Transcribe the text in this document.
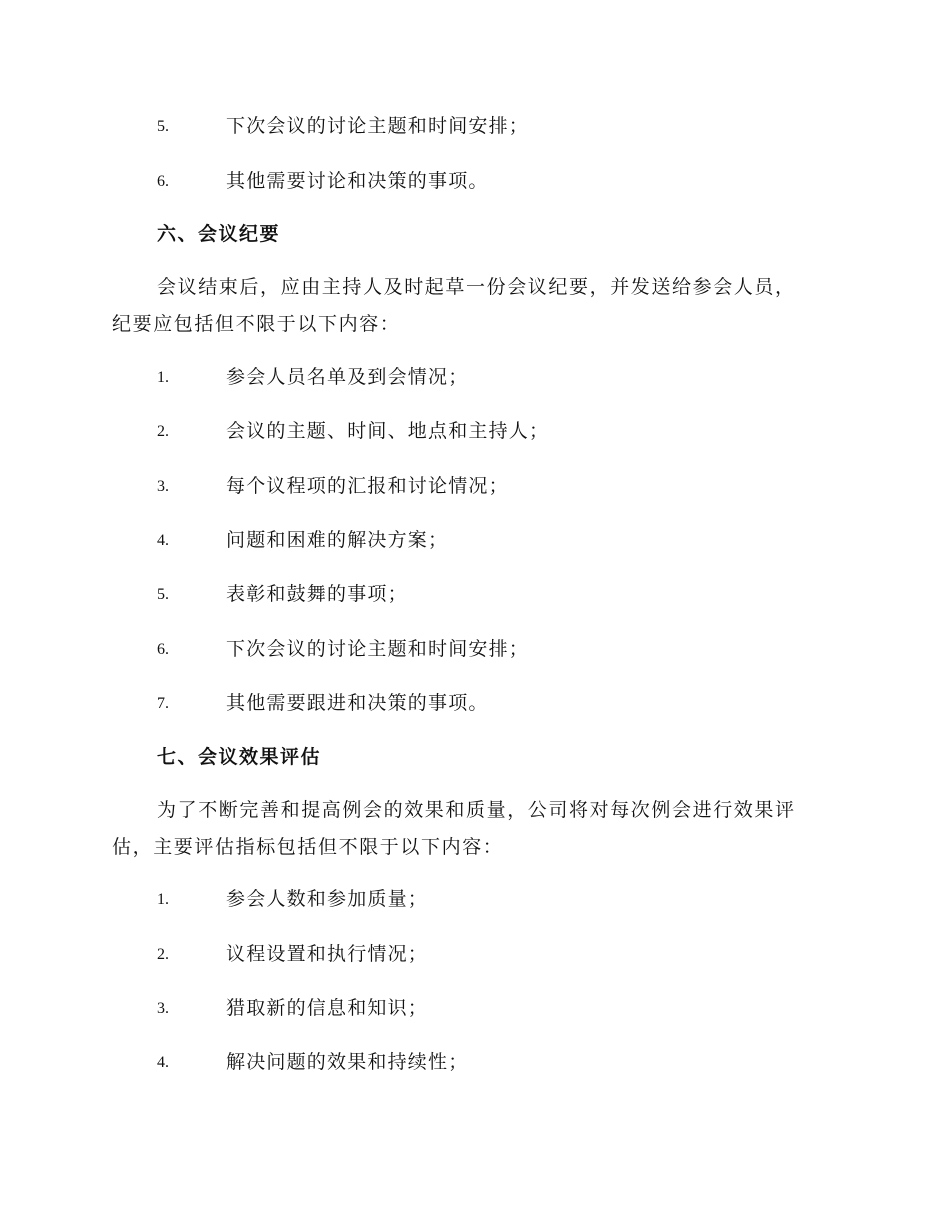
5.	下次会议的讨论主题和时间安排；
6.	其他需要讨论和决策的事项。
六、会议纪要
会议结束后，应由主持人及时起草一份会议纪要，并发送给参会人员，
纪要应包括但不限于以下内容：
1.	参会人员名单及到会情况；
2.	会议的主题、时间、地点和主持人；
3.	每个议程项的汇报和讨论情况；
4.	问题和困难的解决方案；
5.	表彰和鼓舞的事项；
6.	下次会议的讨论主题和时间安排；
7.	其他需要跟进和决策的事项。
七、会议效果评估
为了不断完善和提高例会的效果和质量，公司将对每次例会进行效果评
估，主要评估指标包括但不限于以下内容：
1.	参会人数和参加质量；
2.	议程设置和执行情况；
3.	猎取新的信息和知识；
4.	解决问题的效果和持续性；
